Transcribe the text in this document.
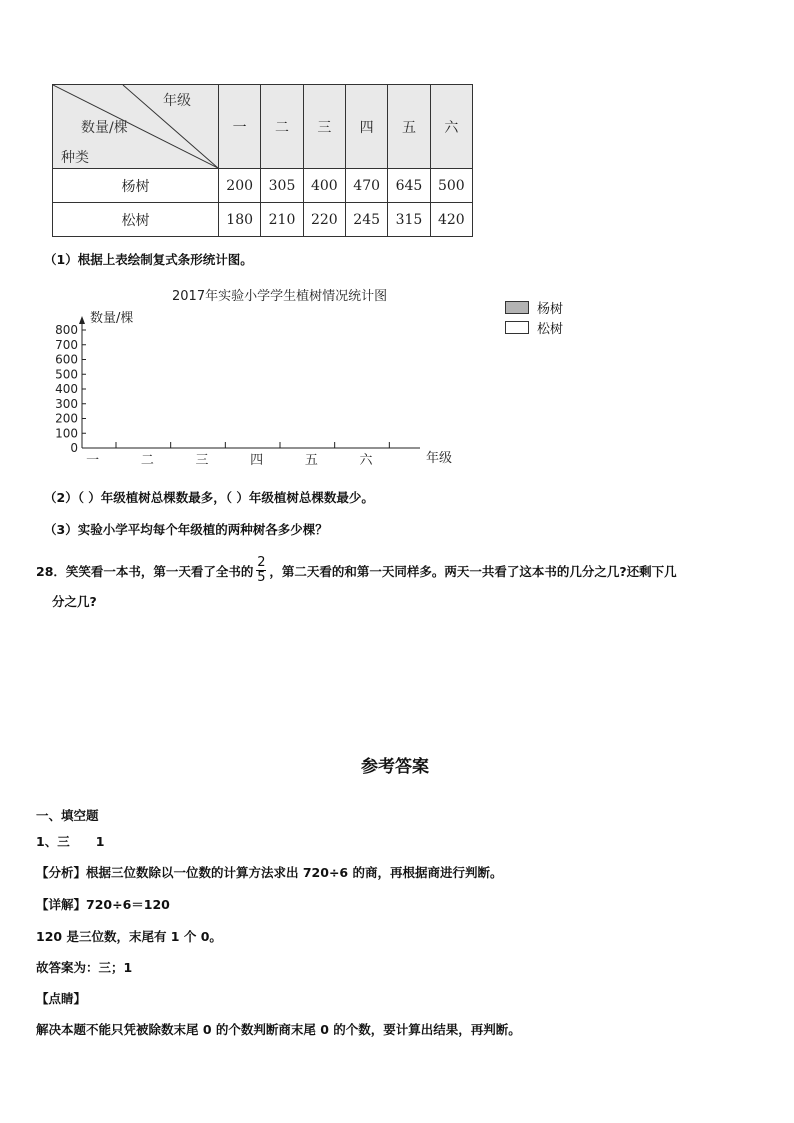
年级
数量/棵
种类	一	二	三	四	五	六
杨树	200	305	400	470	645	500
松树	180	210	220	245	315	420
（1）根据上表绘制复式条形统计图。
2017年实验小学学生植树情况统计图
0
100
200
300
400
500
600
700
800
一	二	三	四	五	六
数量/棵
年级
杨树
松树
（2）（ ）年级植树总棵数最多，（ ）年级植树总棵数最少。
（3）实验小学平均每个年级植的两种树各多少棵？
28．笑笑看一本书，第一天看了全书的
2
5 ，第二天看的和第一天同样多。两天一共看了这本书的几分之几?还剩下几
分之几?
参考答案
一、填空题
1、三      1
【分析】根据三位数除以一位数的计算方法求出 720÷6 的商，再根据商进行判断。
【详解】720÷6＝120
120 是三位数，末尾有 1 个 0。
故答案为：三；1
【点睛】
解决本题不能只凭被除数末尾 0 的个数判断商末尾 0 的个数，要计算出结果，再判断。
